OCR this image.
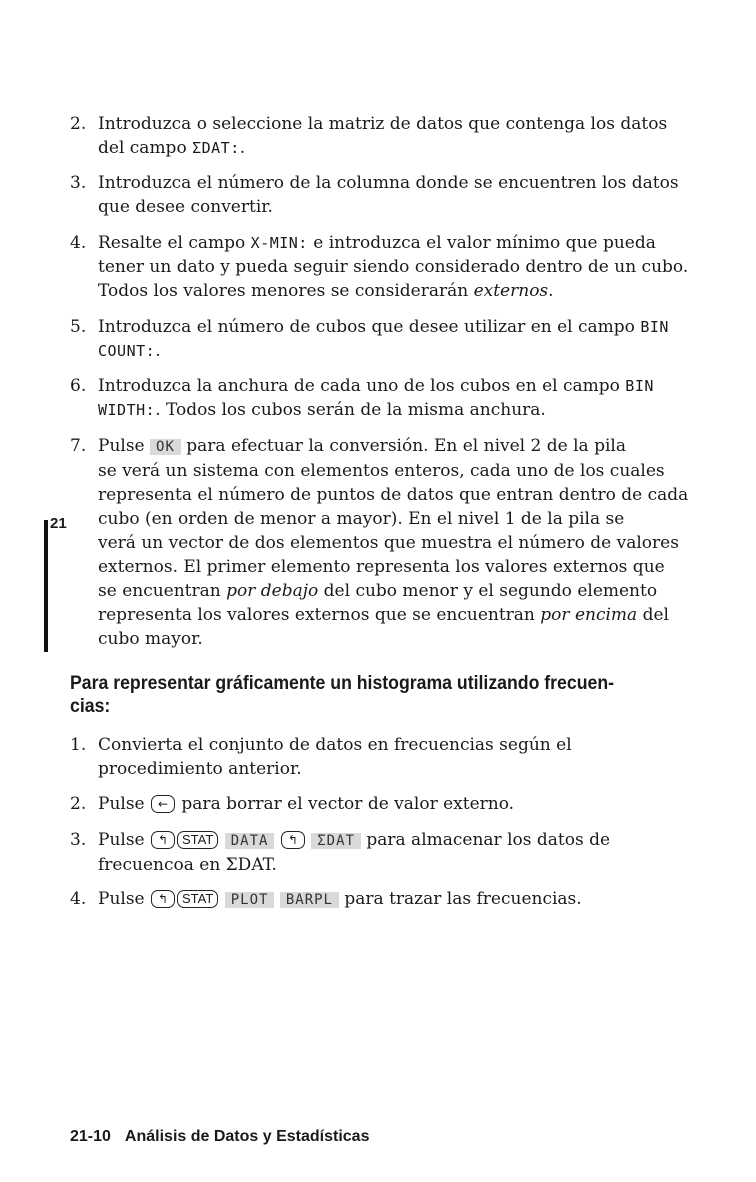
21
2. Introduzca o seleccione la matriz de datos que contenga los datos
del campo ΣDAT:.
3. Introduzca el número de la columna donde se encuentren los datos
que desee convertir.
4. Resalte el campo X-MIN: e introduzca el valor mínimo que pueda
tener un dato y pueda seguir siendo considerado dentro de un cubo.
Todos los valores menores se considerarán externos.
5. Introduzca el número de cubos que desee utilizar en el campo BIN
COUNT:.
6. Introduzca la anchura de cada uno de los cubos en el campo BIN
WIDTH:. Todos los cubos serán de la misma anchura.
7. Pulse OK para efectuar la conversión. En el nivel 2 de la pila
se verá un sistema con elementos enteros, cada uno de los cuales
representa el número de puntos de datos que entran dentro de cada
cubo (en orden de menor a mayor). En el nivel 1 de la pila se
verá un vector de dos elementos que muestra el número de valores
externos. El primer elemento representa los valores externos que
se encuentran por debajo del cubo menor y el segundo elemento
representa los valores externos que se encuentran por encima del
cubo mayor.
Para representar gráficamente un histograma utilizando frecuen-
cias:
1. Convierta el conjunto de datos en frecuencias según el
procedimiento anterior.
2. Pulse ← para borrar el vector de valor externo.
3. Pulse ↰ STAT DATA ↰ ΣDAT para almacenar los datos de
frecuencoa en ΣDAT.
4. Pulse ↰ STAT PLOT BARPL para trazar las frecuencias.
21-10 Análisis de Datos y Estadísticas
